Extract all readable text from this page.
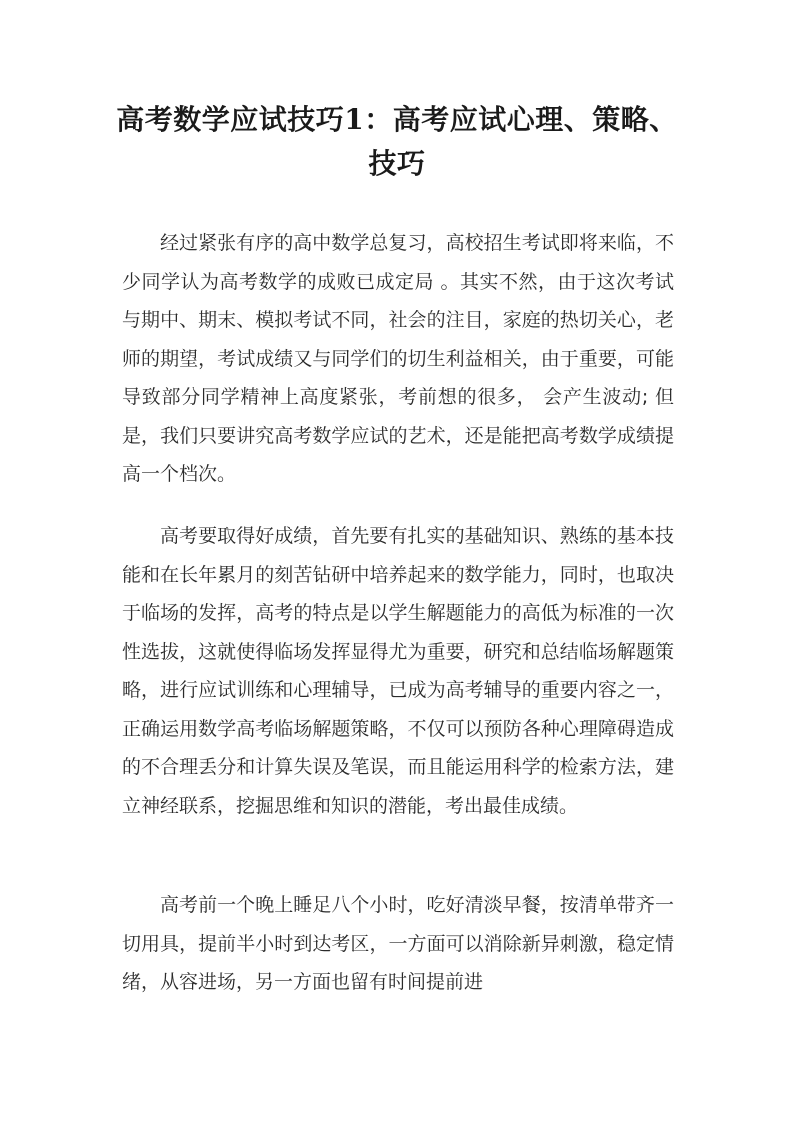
高考数学应试技巧1：高考应试心理、策略、
技巧

经过紧张有序的高中数学总复习，高校招生考试即将来临，不少同学认为高考数学的成败已成定局 。其实不然，由于这次考试与期中、期末、模拟考试不同，社会的注目，家庭的热切关心，老师的期望，考试成绩又与同学们的切生利益相关，由于重要，可能导致部分同学精神上高度紧张，考前想的很多， 会产生波动; 但是，我们只要讲究高考数学应试的艺术，还是能把高考数学成绩提高一个档次。

高考要取得好成绩，首先要有扎实的基础知识、熟练的基本技能和在长年累月的刻苦钻研中培养起来的数学能力，同时，也取决于临场的发挥，高考的特点是以学生解题能力的高低为标准的一次性选拔，这就使得临场发挥显得尤为重要，研究和总结临场解题策略，进行应试训练和心理辅导，已成为高考辅导的重要内容之一， 正确运用数学高考临场解题策略，不仅可以预防各种心理障碍造成的不合理丢分和计算失误及笔误，而且能运用科学的检索方法，建立神经联系，挖掘思维和知识的潜能，考出最佳成绩。

高考前一个晚上睡足八个小时，吃好清淡早餐，按清单带齐一切用具，提前半小时到达考区，一方面可以消除新异刺激，稳定情绪，从容进场，另一方面也留有时间提前进
